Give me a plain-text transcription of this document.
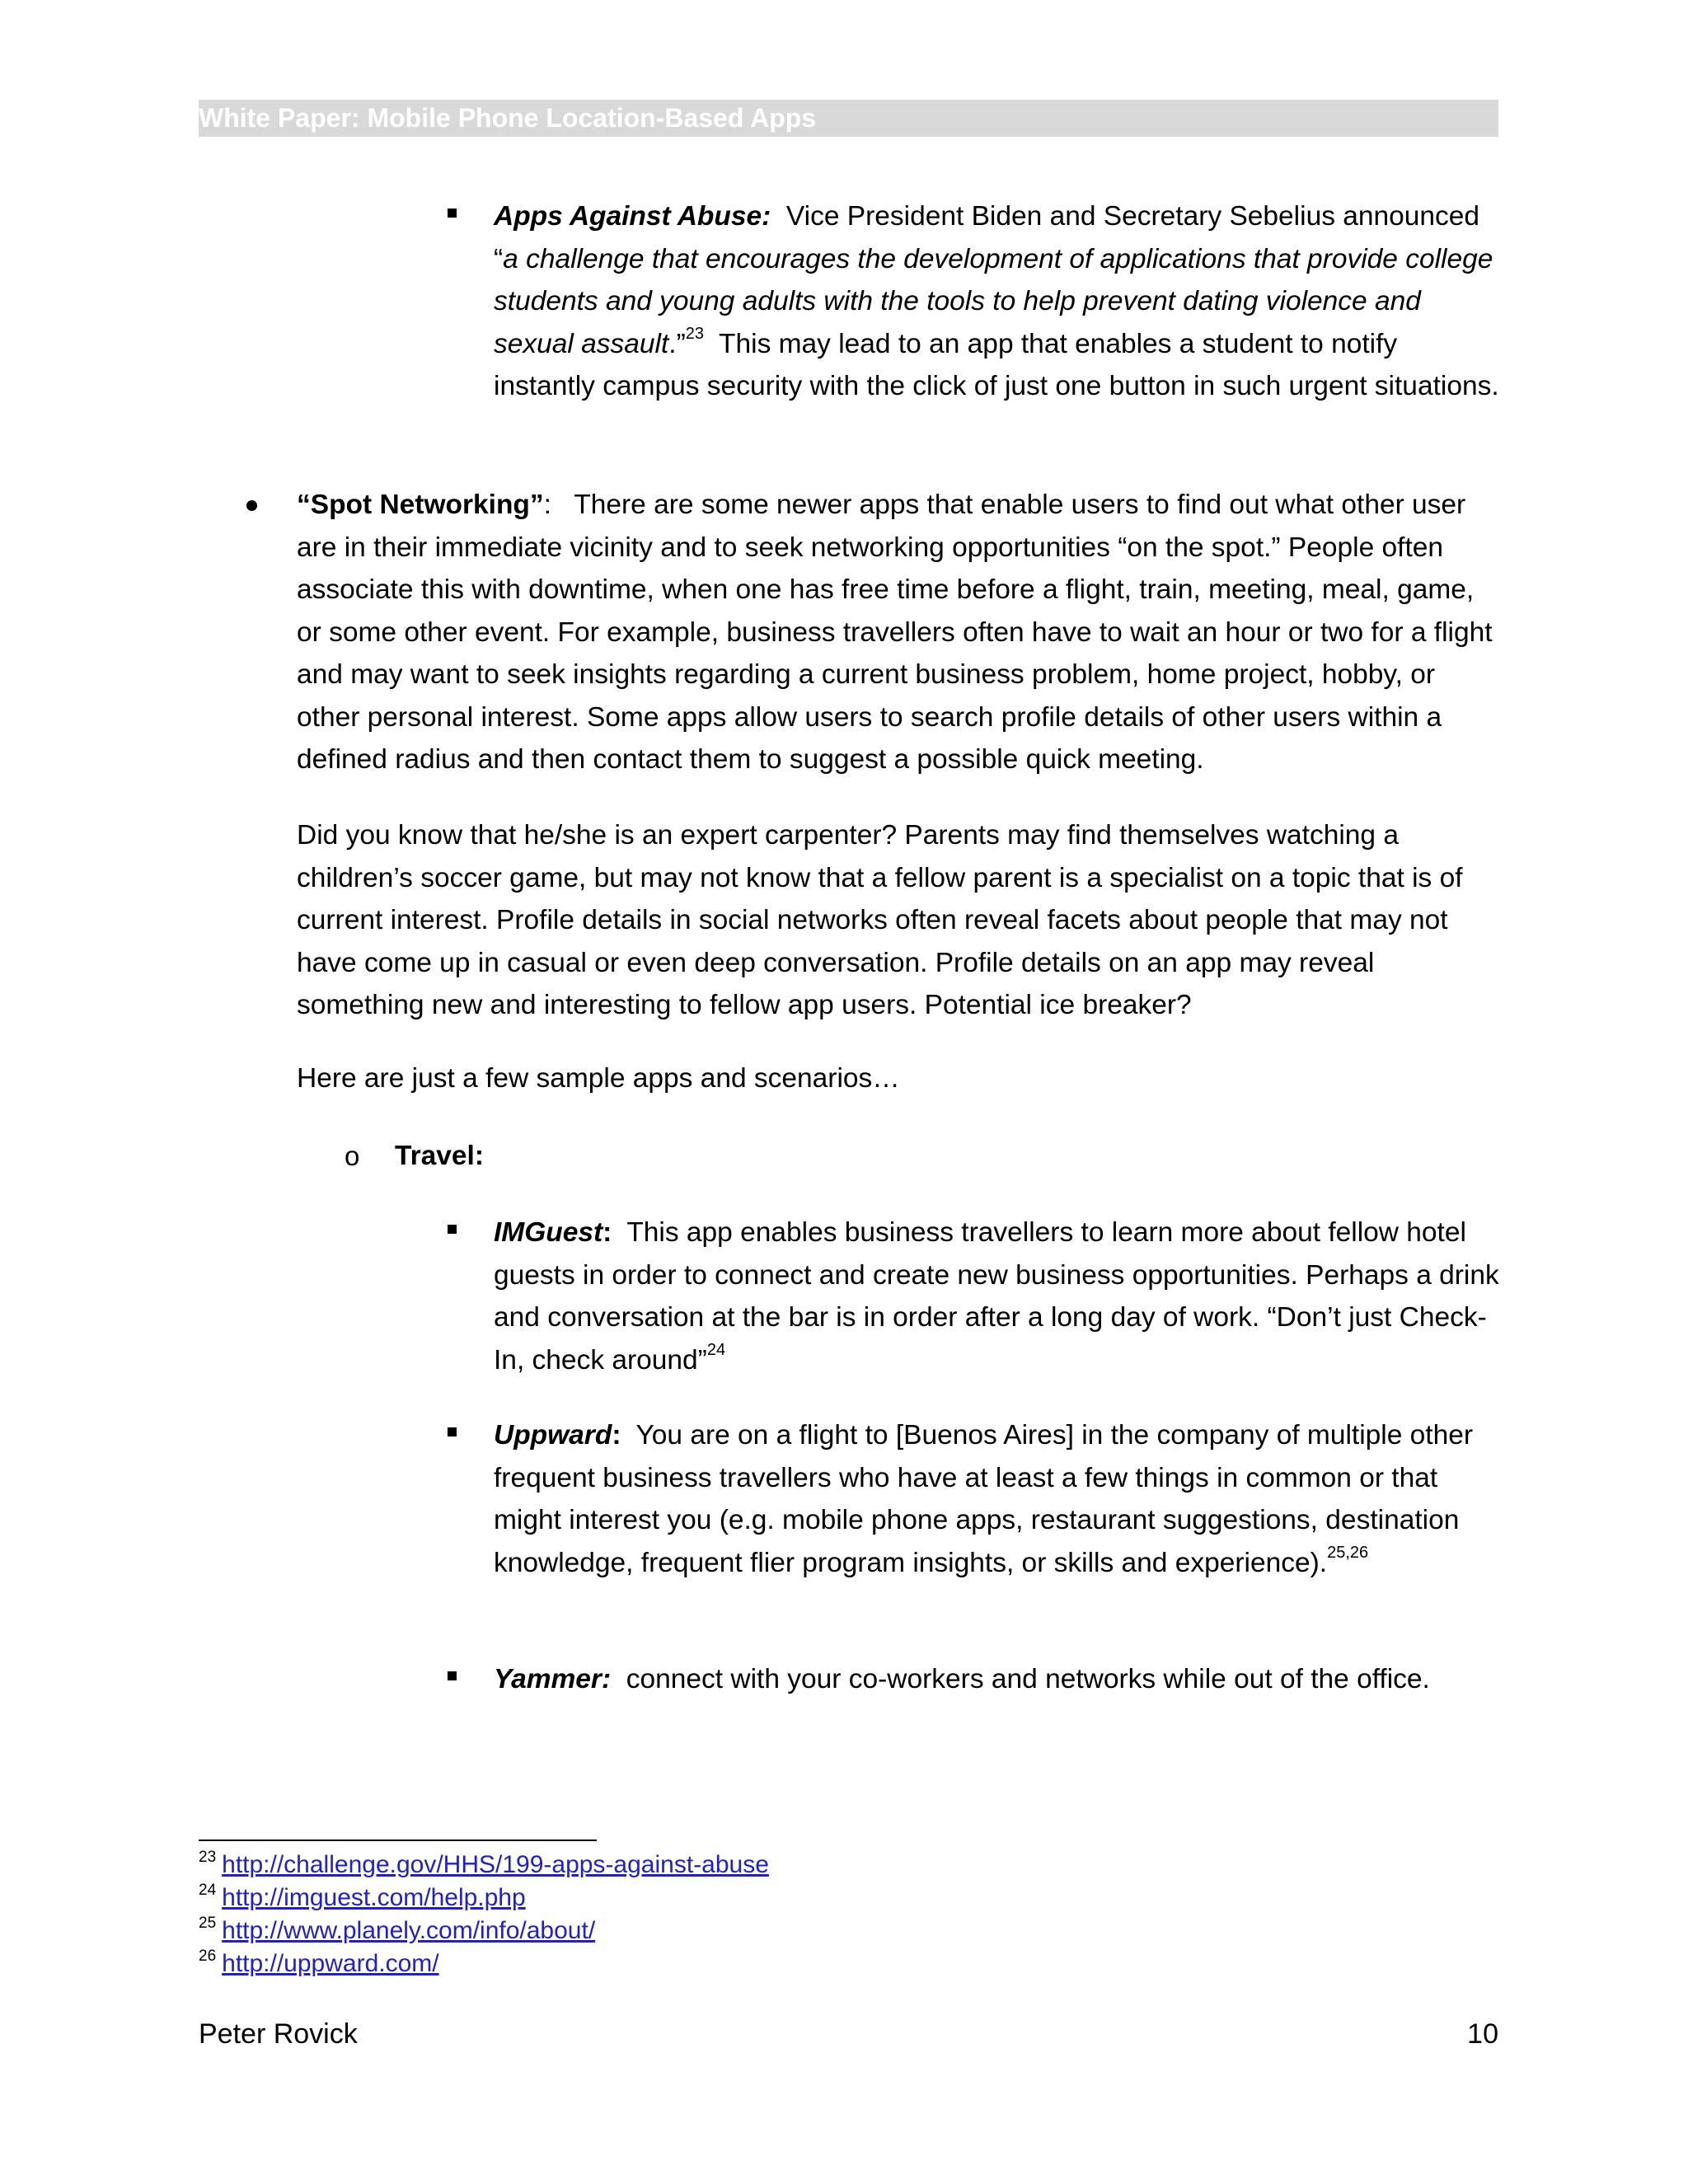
White Paper: Mobile Phone Location-Based Apps
Apps Against Abuse: Vice President Biden and Secretary Sebelius announced “a challenge that encourages the development of applications that provide college students and young adults with the tools to help prevent dating violence and sexual assault.”$^{23}$ This may lead to an app that enables a student to notify instantly campus security with the click of just one button in such urgent situations.
“Spot Networking”: There are some newer apps that enable users to find out what other user are in their immediate vicinity and to seek networking opportunities “on the spot.” People often associate this with downtime, when one has free time before a flight, train, meeting, meal, game, or some other event. For example, business travellers often have to wait an hour or two for a flight and may want to seek insights regarding a current business problem, home project, hobby, or other personal interest. Some apps allow users to search profile details of other users within a defined radius and then contact them to suggest a possible quick meeting.
Did you know that he/she is an expert carpenter? Parents may find themselves watching a children’s soccer game, but may not know that a fellow parent is a specialist on a topic that is of current interest. Profile details in social networks often reveal facets about people that may not have come up in casual or even deep conversation. Profile details on an app may reveal something new and interesting to fellow app users. Potential ice breaker?
Here are just a few sample apps and scenarios…
o Travel:
IMGuest: This app enables business travellers to learn more about fellow hotel guests in order to connect and create new business opportunities. Perhaps a drink and conversation at the bar is in order after a long day of work. “Don’t just Check-In, check around”$^{24}$
Uppward: You are on a flight to [Buenos Aires] in the company of multiple other frequent business travellers who have at least a few things in common or that might interest you (e.g. mobile phone apps, restaurant suggestions, destination knowledge, frequent flier program insights, or skills and experience).$^{25,26}$
Yammer: connect with your co-workers and networks while out of the office.
$^{23}$ http://challenge.gov/HHS/199-apps-against-abuse
$^{24}$ http://imguest.com/help.php
$^{25}$ http://www.planely.com/info/about/
$^{26}$ http://uppward.com/
Peter Rovick	10
